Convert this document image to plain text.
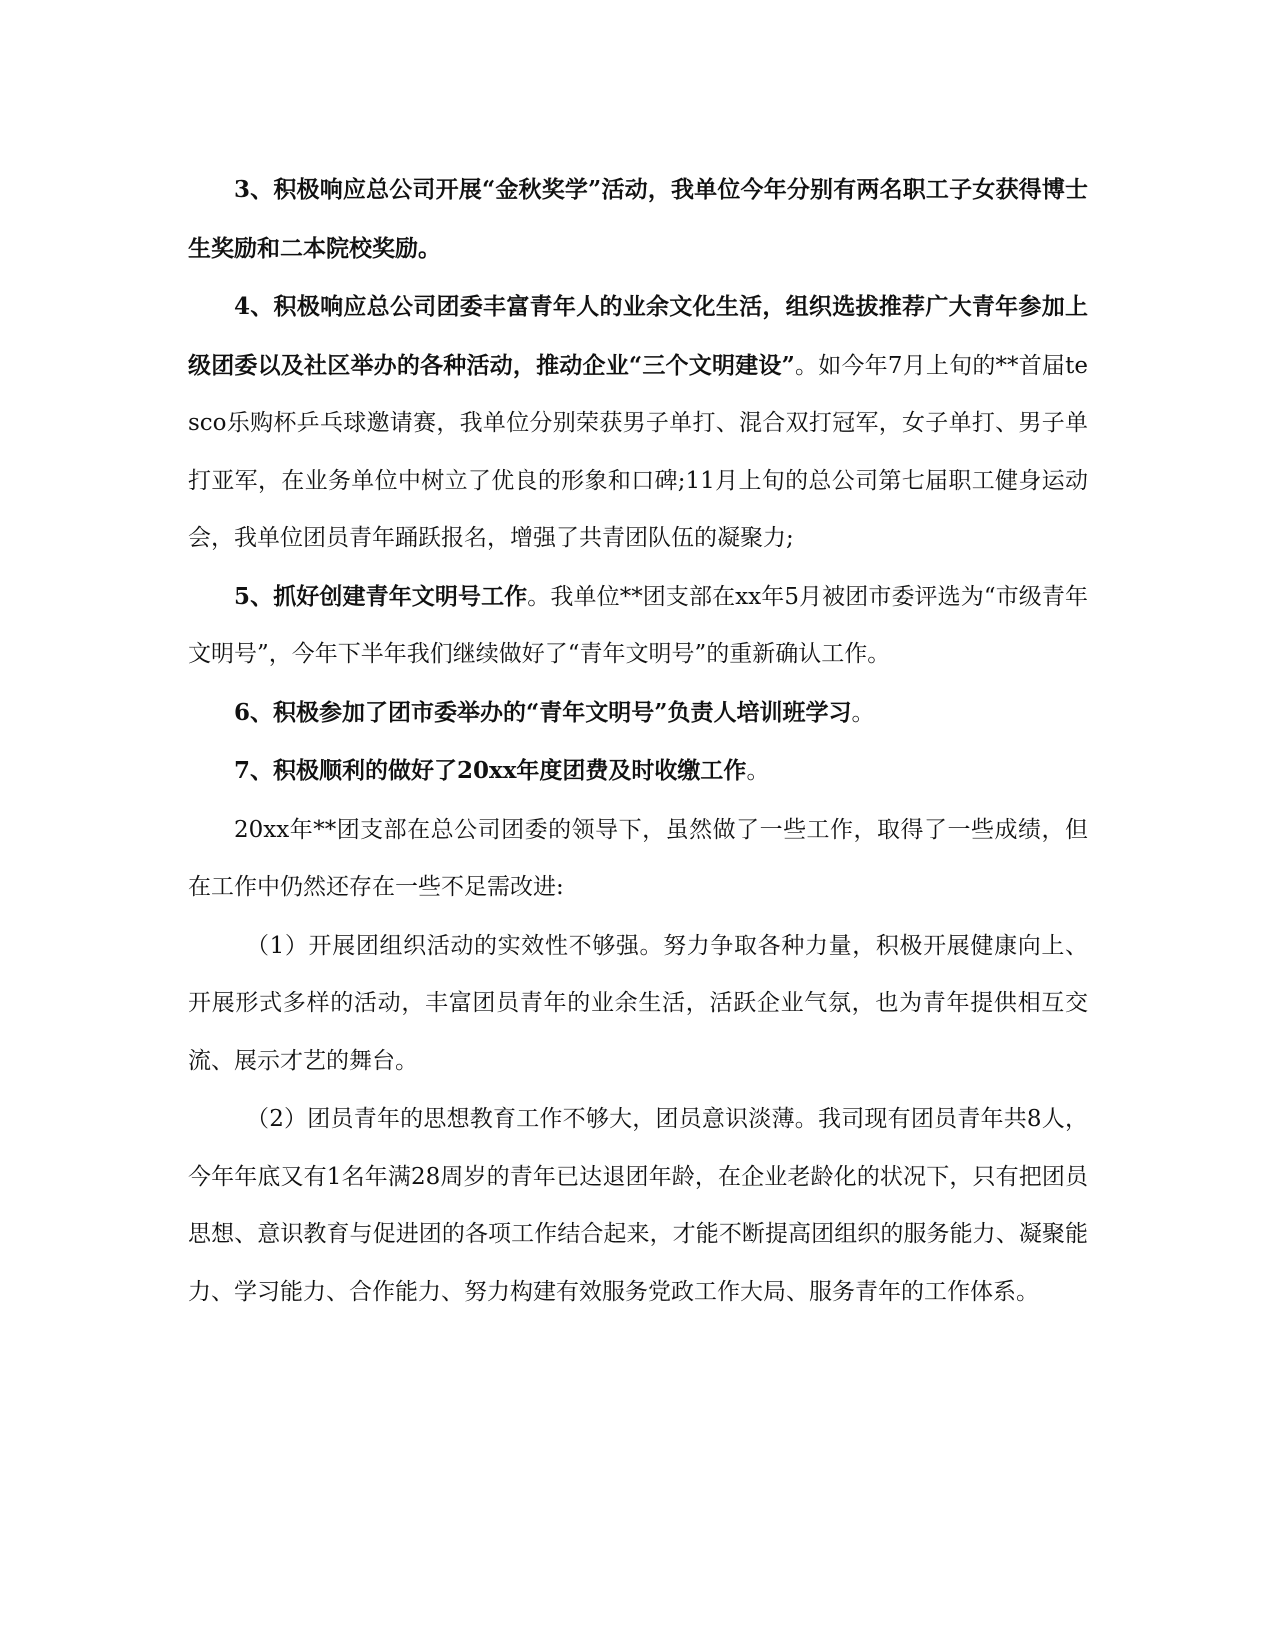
3、积极响应总公司开展“金秋奖学”活动，我单位今年分别有两名职工子女获得博士生奖励和二本院校奖励。

4、积极响应总公司团委丰富青年人的业余文化生活，组织选拔推荐广大青年参加上级团委以及社区举办的各种活动，推动企业“三个文明建设”。如今年7月上旬的**首届tesco乐购杯乒乓球邀请赛，我单位分别荣获男子单打、混合双打冠军，女子单打、男子单打亚军，在业务单位中树立了优良的形象和口碑;11月上旬的总公司第七届职工健身运动会，我单位团员青年踊跃报名，增强了共青团队伍的凝聚力;

5、抓好创建青年文明号工作。我单位**团支部在xx年5月被团市委评选为“市级青年文明号”，今年下半年我们继续做好了“青年文明号”的重新确认工作。

6、积极参加了团市委举办的“青年文明号”负责人培训班学习。

7、积极顺利的做好了20xx年度团费及时收缴工作。

20xx年**团支部在总公司团委的领导下，虽然做了一些工作，取得了一些成绩，但在工作中仍然还存在一些不足需改进:

（1）开展团组织活动的实效性不够强。努力争取各种力量，积极开展健康向上、开展形式多样的活动，丰富团员青年的业余生活，活跃企业气氛，也为青年提供相互交流、展示才艺的舞台。

（2）团员青年的思想教育工作不够大，团员意识淡薄。我司现有团员青年共8人，今年年底又有1名年满28周岁的青年已达退团年龄，在企业老龄化的状况下，只有把团员思想、意识教育与促进团的各项工作结合起来，才能不断提高团组织的服务能力、凝聚能力、学习能力、合作能力、努力构建有效服务党政工作大局、服务青年的工作体系。
